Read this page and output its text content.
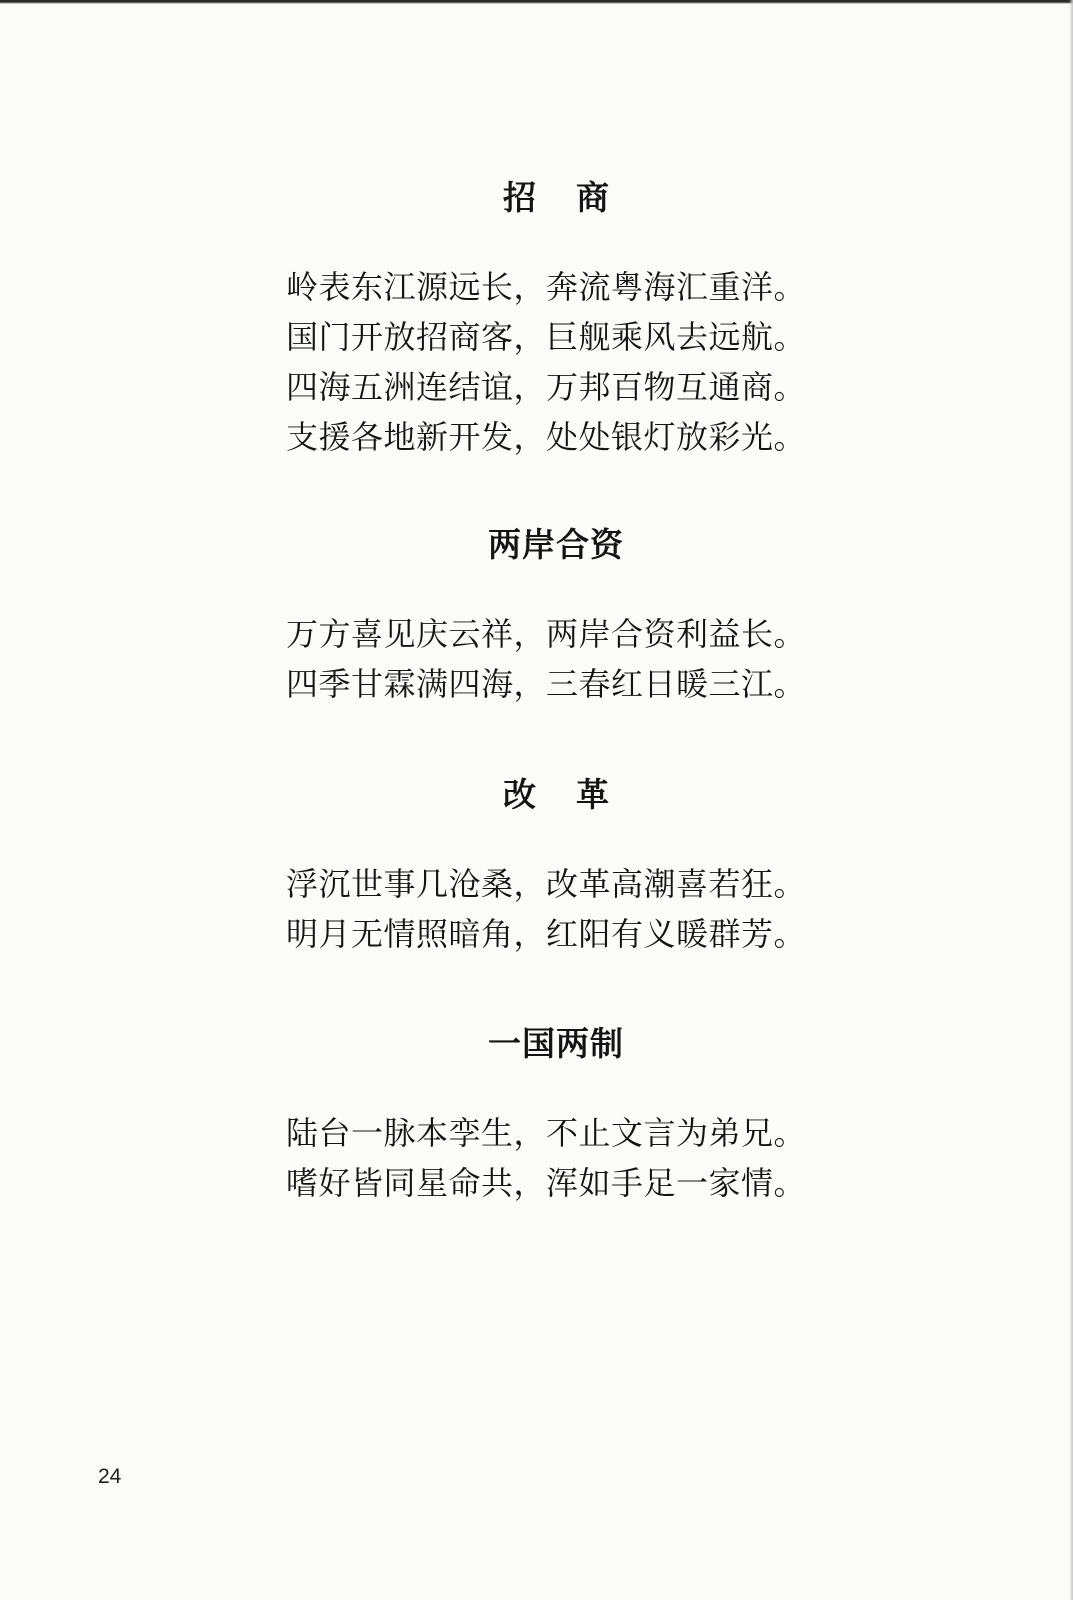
招商
岭表东江源远长，奔流粤海汇重洋。
国门开放招商客，巨舰乘风去远航。
四海五洲连结谊，万邦百物互通商。
支援各地新开发，处处银灯放彩光。
两岸合资
万方喜见庆云祥，两岸合资利益长。
四季甘霖满四海，三春红日暖三江。
改革
浮沉世事几沧桑，改革高潮喜若狂。
明月无情照暗角，红阳有义暖群芳。
一国两制
陆台一脉本孪生，不止文言为弟兄。
嗜好皆同星命共，浑如手足一家情。
24
